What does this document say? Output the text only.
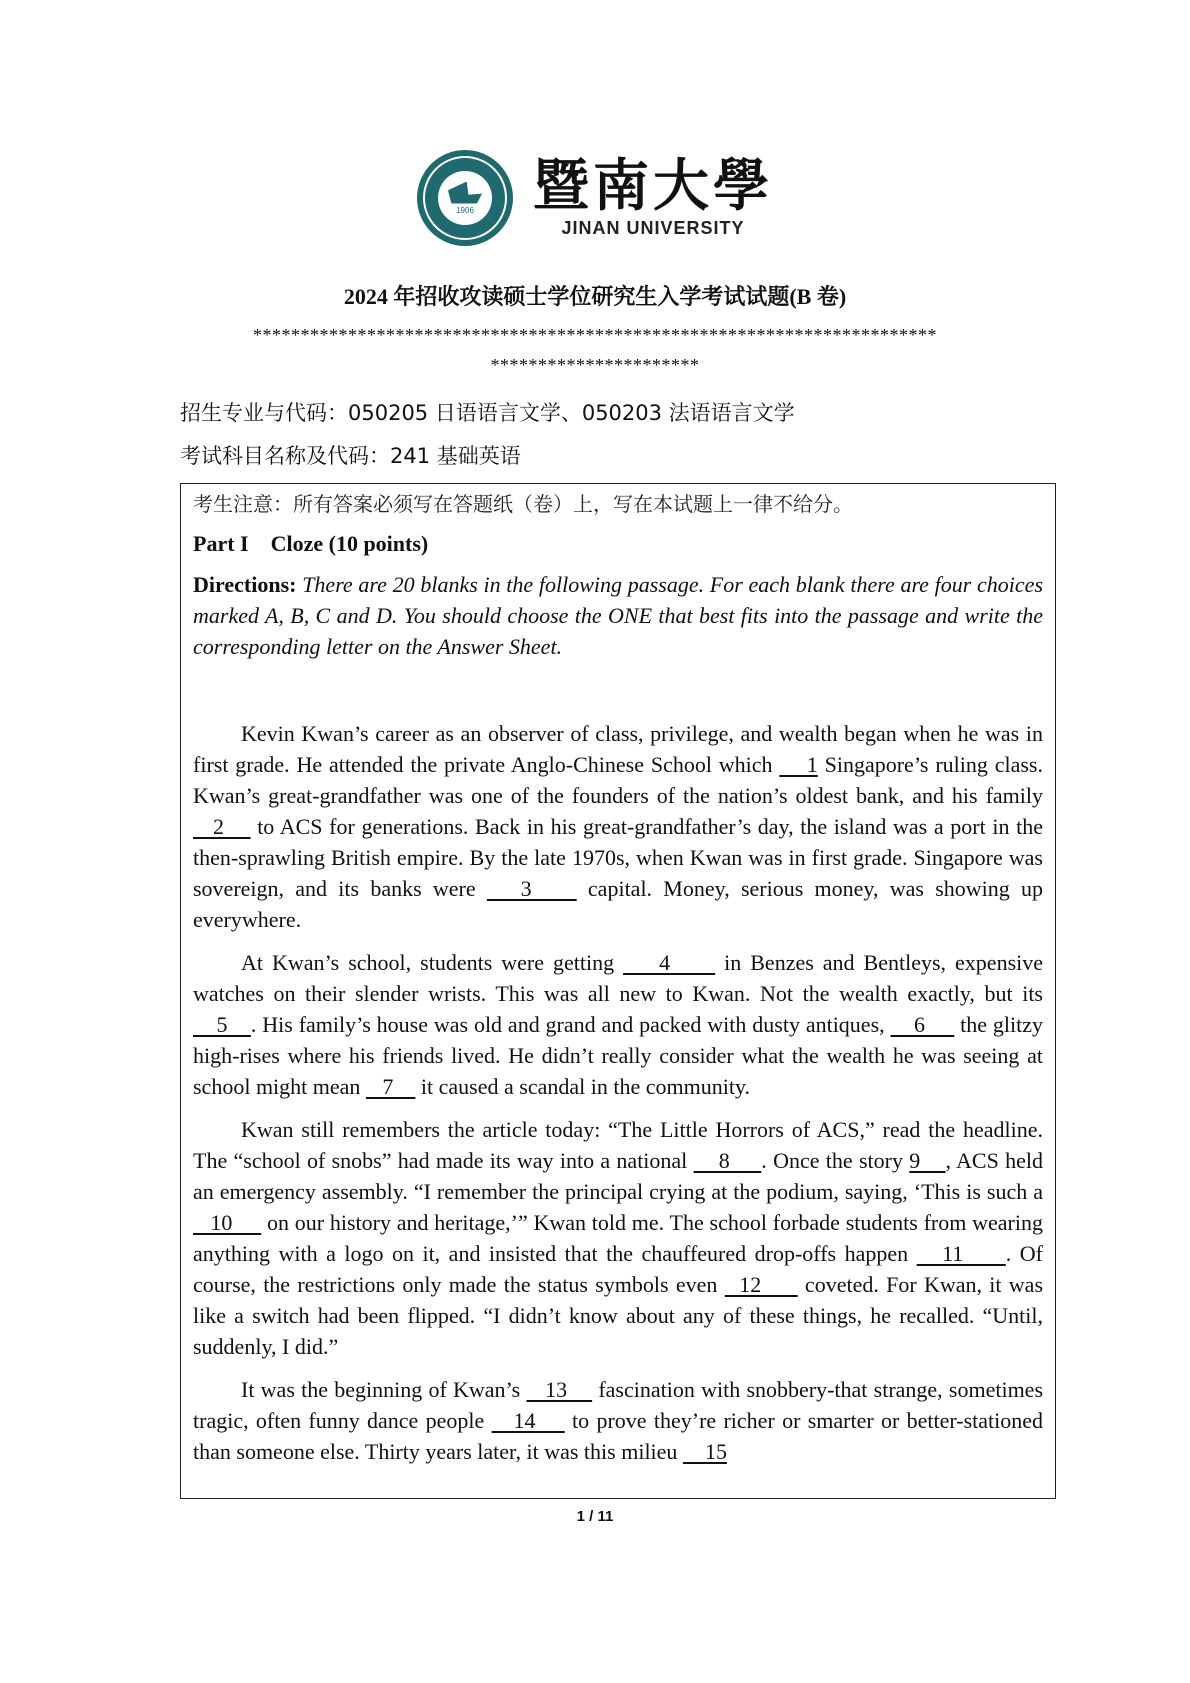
1906 暨南大學
JINAN UNIVERSITY
2024 年招收攻读硕士学位研究生入学考试试题(B 卷)
************************************************************************
**********************
招生专业与代码：050205 日语语言文学、050203 法语语言文学
考试科目名称及代码：241 基础英语
考生注意：所有答案必须写在答题纸（卷）上，写在本试题上一律不给分。
Part I Cloze (10 points)
Directions: There are 20 blanks in the following passage. For each blank there are four choices marked A, B, C and D. You should choose the ONE that best fits into the passage and write the corresponding letter on the Answer Sheet.

Kevin Kwan’s career as an observer of class, privilege, and wealth began when he was in first grade. He attended the private Anglo-Chinese School which     1 Singapore’s ruling class. Kwan’s great-grandfather was one of the founders of the nation’s oldest bank, and his family    2     to ACS for generations. Back in his great-grandfather’s day, the island was a port in the then-sprawling British empire. By the late 1970s, when Kwan was in first grade. Singapore was sovereign, and its banks were    3     capital. Money, serious money, was showing up everywhere.

At Kwan’s school, students were getting     4      in Benzes and Bentleys, expensive watches on their slender wrists. This was all new to Kwan. Not the wealth exactly, but its     5    . His family’s house was old and grand and packed with dusty antiques,     6      the glitzy high-rises where his friends lived. He didn’t really consider what the wealth he was seeing at school might mean    7     it caused a scandal in the community.

Kwan still remembers the article today: “The Little Horrors of ACS,” read the headline. The “school of snobs” had made its way into a national     8     . Once the story 9    , ACS held an emergency assembly. “I remember the principal crying at the podium, saying, ‘This is such a    10      on our history and heritage,’” Kwan told me. The school forbade students from wearing anything with a logo on it, and insisted that the chauffeured drop-offs happen    11     . Of course, the restrictions only made the status symbols even   12      coveted. For Kwan, it was like a switch had been flipped. “I didn’t know about any of these things, he recalled. “Until, suddenly, I did.”

It was the beginning of Kwan’s    13     fascination with snobbery-that strange, sometimes tragic, often funny dance people    14     to prove they’re richer or smarter or better-stationed than someone else. Thirty years later, it was this milieu     15

1 / 11
